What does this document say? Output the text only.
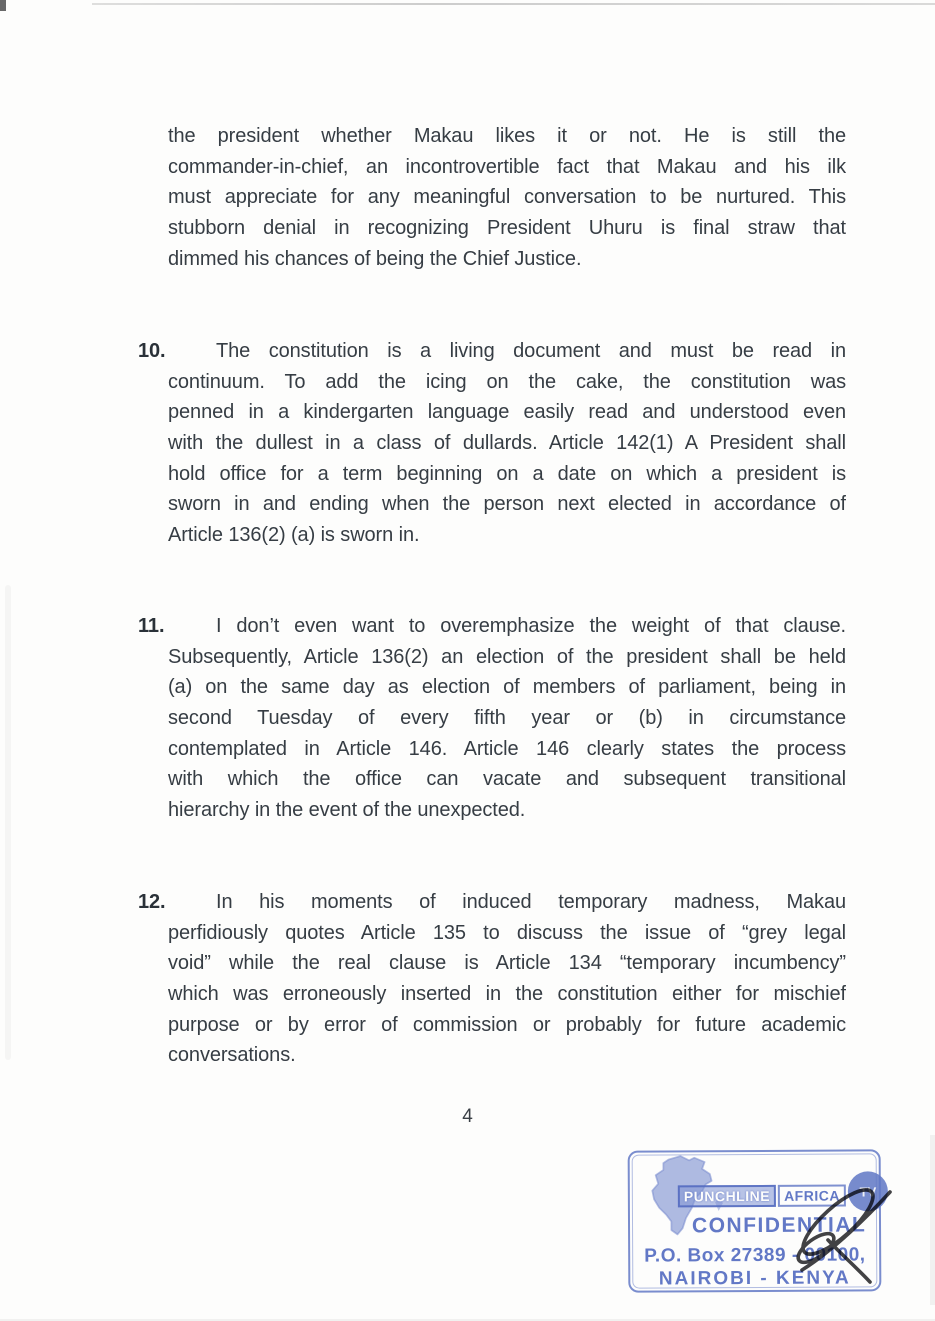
the president whether Makau likes it or not. He is still the
commander-in-chief, an incontrovertible fact that Makau and his ilk
must appreciate for any meaningful conversation to be nurtured. This
stubborn denial in recognizing President Uhuru is final straw that
dimmed his chances of being the Chief Justice.
10.	The constitution is a living document and must be read in
continuum. To add the icing on the cake, the constitution was
penned in a kindergarten language easily read and understood even
with the dullest in a class of dullards. Article 142(1) A President shall
hold office for a term beginning on a date on which a president is
sworn in and ending when the person next elected in accordance of
Article 136(2) (a) is sworn in.
11.	I don’t even want to overemphasize the weight of that clause.
Subsequently, Article 136(2) an election of the president shall be held
(a) on the same day as election of members of parliament, being in
second Tuesday of every fifth year or (b) in circumstance
contemplated in Article 146. Article 146 clearly states the process
with which the office can vacate and subsequent transitional
hierarchy in the event of the unexpected.
12.	In his moments of induced temporary madness, Makau
perfidiously quotes Article 135 to discuss the issue of “grey legal
void” while the real clause is Article 134 “temporary incumbency”
which was erroneously inserted in the constitution either for mischief
purpose or by error of commission or probably for future academic
conversations.
4
PUNCHLINE AFRICA	TV
CONFIDENTIAL
P.O. Box 27389 - 00100,
NAIROBI - KENYA
